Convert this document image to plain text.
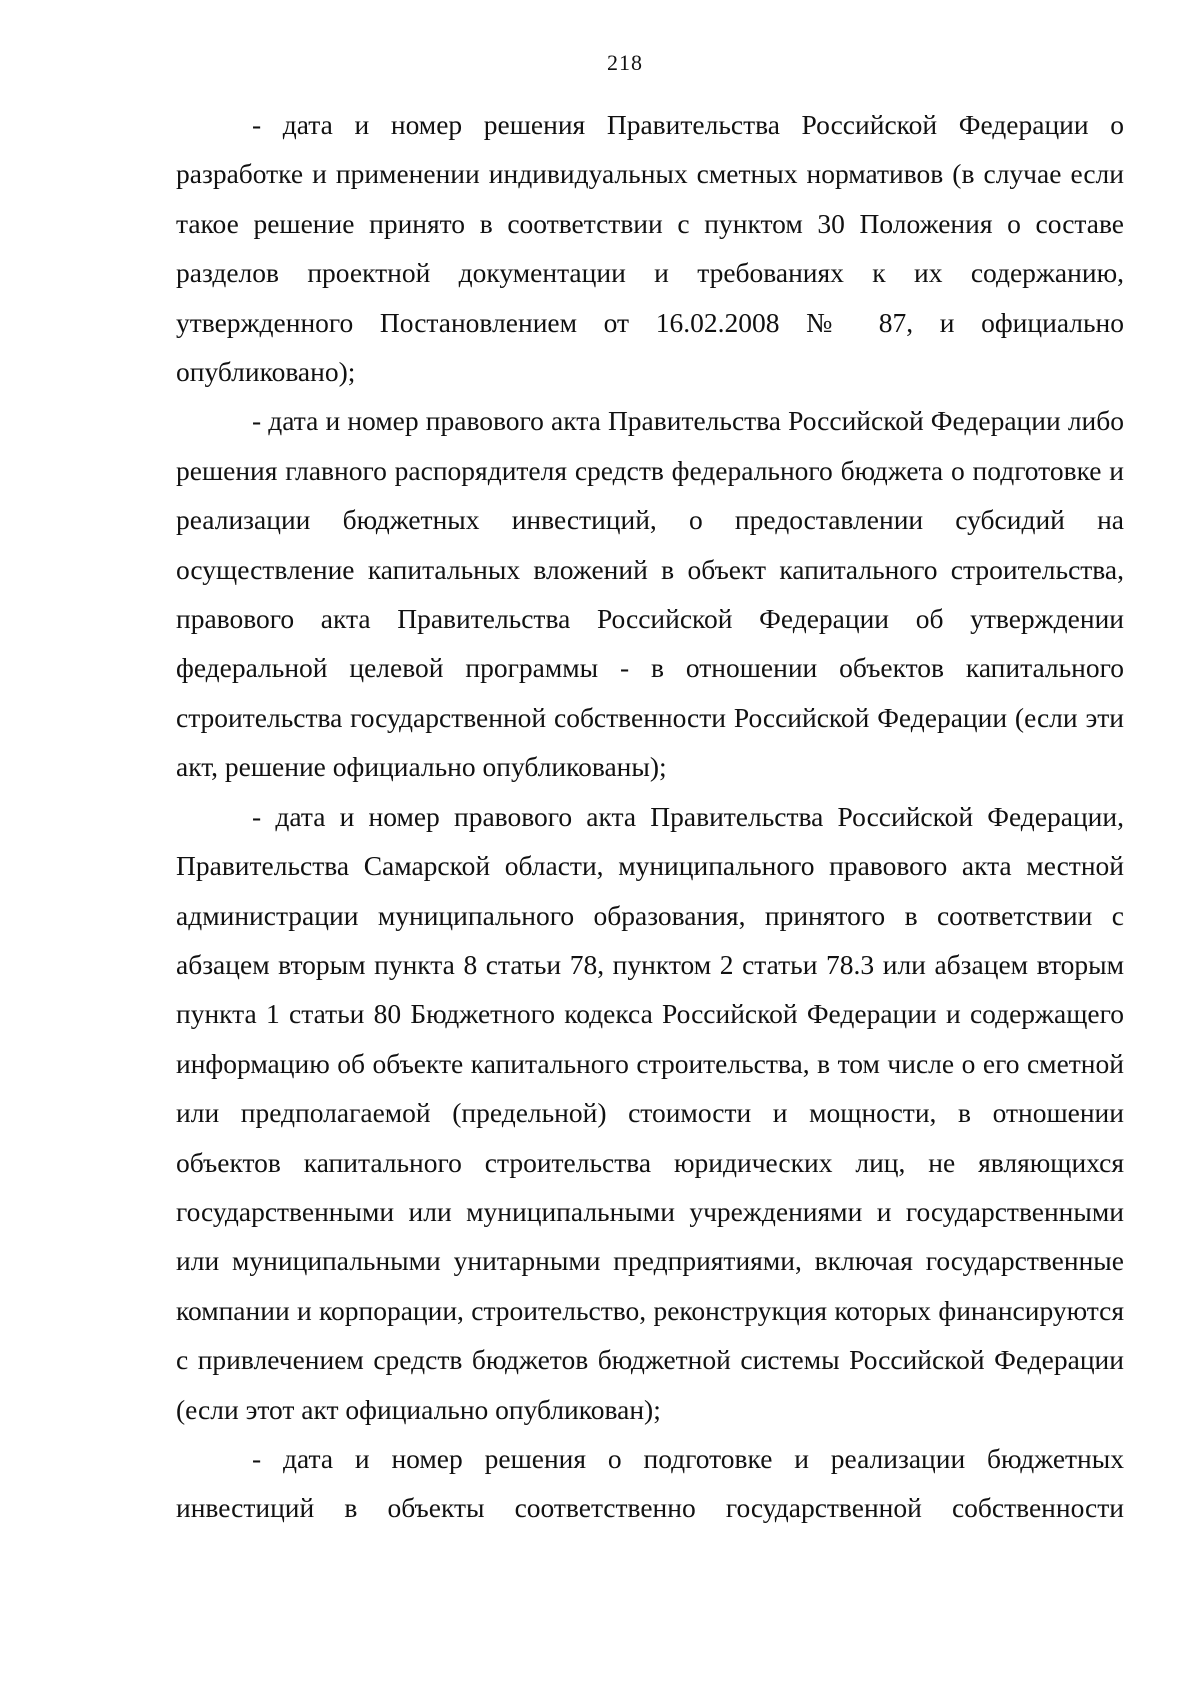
218

- дата и номер решения Правительства Российской Федерации о разработке и применении индивидуальных сметных нормативов (в случае если такое решение принято в соответствии с пунктом 30 Положения о составе разделов проектной документации и требованиях к их содержанию, утвержденного Постановлением от 16.02.2008 № 87, и официально опубликовано);

- дата и номер правового акта Правительства Российской Федерации либо решения главного распорядителя средств федерального бюджета о подготовке и реализации бюджетных инвестиций, о предоставлении субсидий на осуществление капитальных вложений в объект капитального строительства, правового акта Правительства Российской Федерации об утверждении федеральной целевой программы - в отношении объектов капитального строительства государственной собственности Российской Федерации (если эти акт, решение официально опубликованы);

- дата и номер правового акта Правительства Российской Федерации, Правительства Самарской области, муниципального правового акта местной администрации муниципального образования, принятого в соответствии с абзацем вторым пункта 8 статьи 78, пунктом 2 статьи 78.3 или абзацем вторым пункта 1 статьи 80 Бюджетного кодекса Российской Федерации и содержащего информацию об объекте капитального строительства, в том числе о его сметной или предполагаемой (предельной) стоимости и мощности, в отношении объектов капитального строительства юридических лиц, не являющихся государственными или муниципальными учреждениями и государственными или муниципальными унитарными предприятиями, включая государственные компании и корпорации, строительство, реконструкция которых финансируются с привлечением средств бюджетов бюджетной системы Российской Федерации (если этот акт официально опубликован);

- дата и номер решения о подготовке и реализации бюджетных инвестиций в объекты соответственно государственной собственности
